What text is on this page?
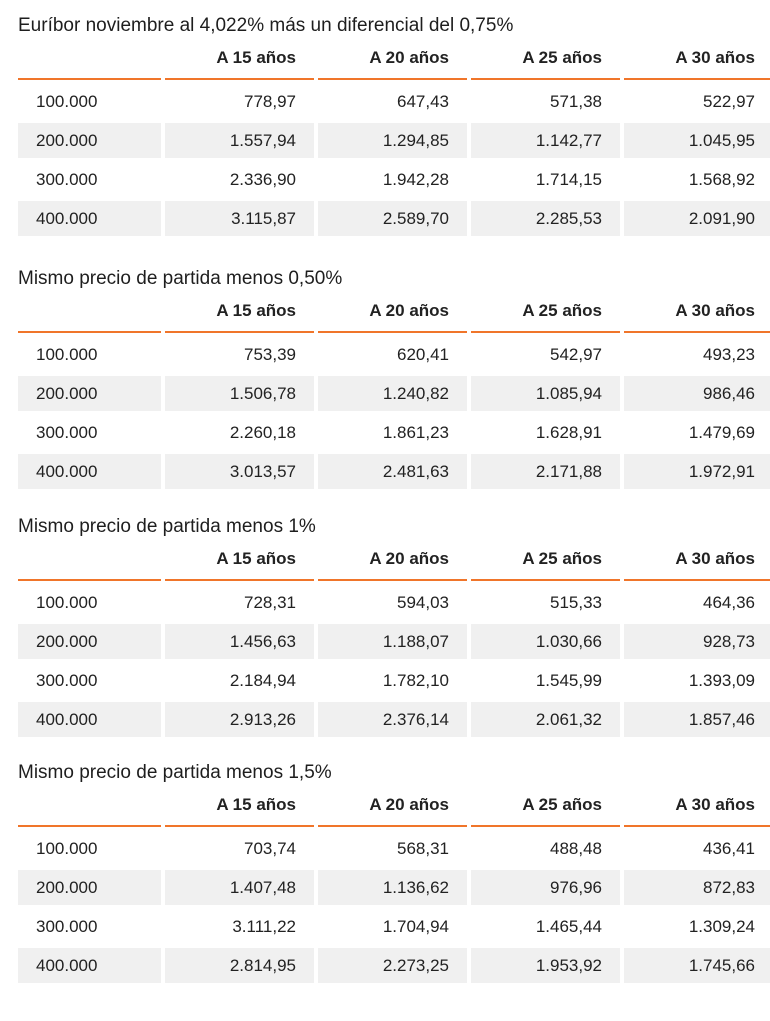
Euríbor noviembre al 4,022% más un diferencial del 0,75%
	A 15 años	A 20 años	A 25 años	A 30 años

100.000	778,97	647,43	571,38	522,97

200.000	1.557,94	1.294,85	1.142,77	1.045,95

300.000	2.336,90	1.942,28	1.714,15	1.568,92

400.000	3.115,87	2.589,70	2.285,53	2.091,90
Mismo precio de partida menos 0,50%
	A 15 años	A 20 años	A 25 años	A 30 años

100.000	753,39	620,41	542,97	493,23

200.000	1.506,78	1.240,82	1.085,94	986,46

300.000	2.260,18	1.861,23	1.628,91	1.479,69

400.000	3.013,57	2.481,63	2.171,88	1.972,91
Mismo precio de partida menos 1%
	A 15 años	A 20 años	A 25 años	A 30 años

100.000	728,31	594,03	515,33	464,36

200.000	1.456,63	1.188,07	1.030,66	928,73

300.000	2.184,94	1.782,10	1.545,99	1.393,09

400.000	2.913,26	2.376,14	2.061,32	1.857,46
Mismo precio de partida menos 1,5%
	A 15 años	A 20 años	A 25 años	A 30 años

100.000	703,74	568,31	488,48	436,41

200.000	1.407,48	1.136,62	976,96	872,83

300.000	3.111,22	1.704,94	1.465,44	1.309,24

400.000	2.814,95	2.273,25	1.953,92	1.745,66
